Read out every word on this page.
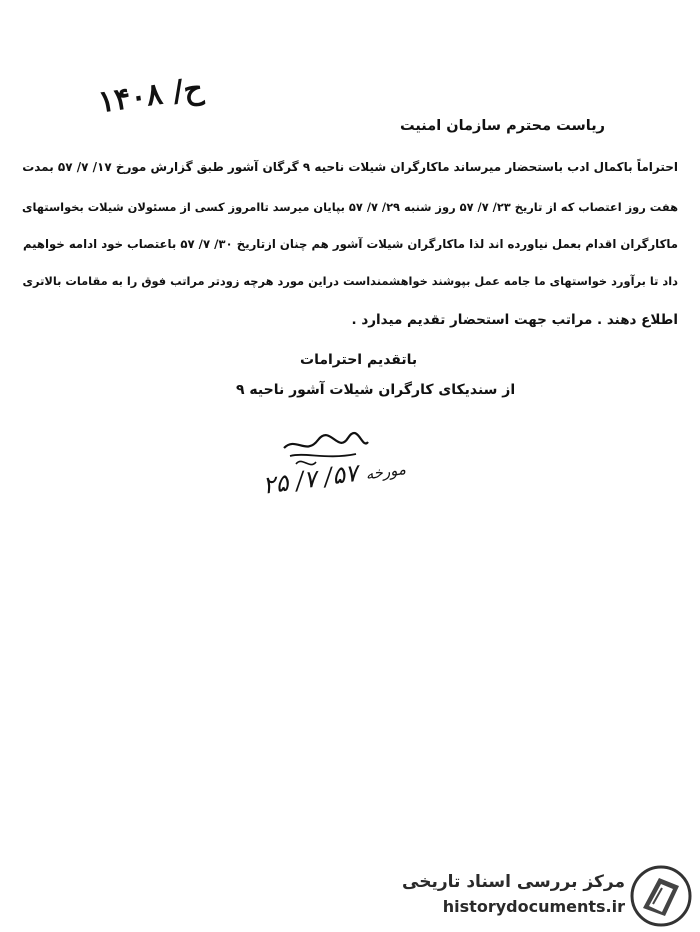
۱۴۰۸ /ح
ریاست محترم سازمان امنیت
احتراماً باکمال ادب باستحضار میرساند ماکارگران شیلات ناحیه ۹ گرگان آشور طبق گزارش مورخ ۱۷/ ۷/ ۵۷ بمدت
هفت روز اعتصاب که از تاریخ ۲۳/ ۷/ ۵۷ روز شنبه ۲۹/ ۷/ ۵۷ بپایان میرسد تاامروز کسی از مسئولان شیلات بخواستهای
ماکارگران اقدام بعمل نیاورده اند لذا ماکارگران شیلات آشور هم چنان ازتاریخ ۳۰/ ۷/ ۵۷ باعتصاب خود ادامه خواهیم
داد تا برآورد خواستهای ما جامه عمل بپوشند خواهشمنداست دراین مورد هرچه زودتر مراتب فوق را به مقامات بالاتری
اطلاع دهند . مراتب جهت استحضار تقدیم میدارد .
باتقدیم احترامات
از سندیکای کارگران شیلات آشور ناحیه ۹
مورخه ۵۷/ ۷/ ۲۵
مرکز بررسی اسناد تاریخی
historydocuments.ir
